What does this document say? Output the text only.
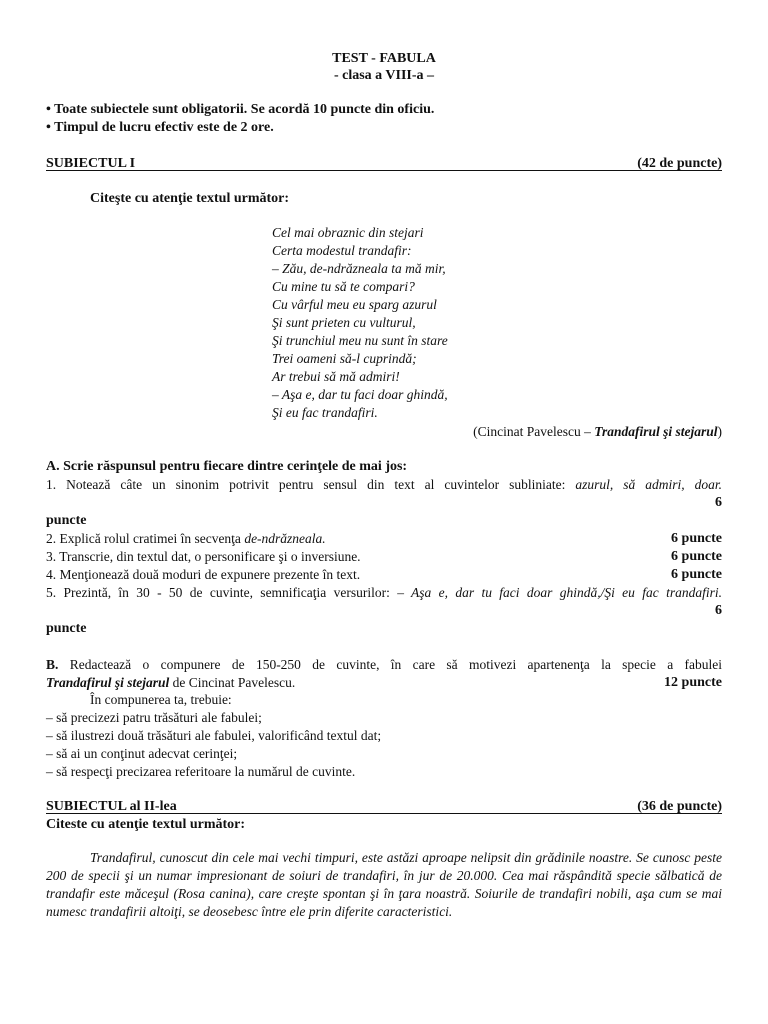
TEST - FABULA
- clasa a VIII-a –
• Toate subiectele sunt obligatorii. Se acordă 10 puncte din oficiu.
• Timpul de lucru efectiv este de 2 ore.
SUBIECTUL I	(42 de puncte)
Citeşte cu atenţie textul următor:
Cel mai obraznic din stejari
Certa modestul trandafir:
– Zău, de-ndrăzneala ta mă mir,
Cu mine tu să te compari?
Cu vârful meu eu sparg azurul
Şi sunt prieten cu vulturul,
Şi trunchiul meu nu sunt în stare
Trei oameni să-l cuprindă;
Ar trebui să mă admiri!
– Aşa e, dar tu faci doar ghindă,
Şi eu fac trandafiri.
(Cincinat Pavelescu – Trandafirul şi stejarul)
A. Scrie răspunsul pentru fiecare dintre cerinţele de mai jos:
1. Notează câte un sinonim potrivit pentru sensul din text al cuvintelor subliniate: azurul, să admiri, doar.
6
puncte
2. Explică rolul cratimei în secvenţa de-ndrăzneala.	6 puncte
3. Transcrie, din textul dat, o personificare şi o inversiune.	6 puncte
4. Menţionează două moduri de expunere prezente în text.	6 puncte
5. Prezintă, în 30 - 50 de cuvinte, semnificaţia versurilor: – Aşa e, dar tu faci doar ghindă,/Şi eu fac trandafiri.
6
puncte
B. Redactează o compunere de 150-250 de cuvinte, în care să motivezi apartenenţa la specie a fabulei
Trandafirul şi stejarul de Cincinat Pavelescu.	12 puncte
În compunerea ta, trebuie:
– să precizezi patru trăsături ale fabulei;
– să ilustrezi două trăsături ale fabulei, valorificând textul dat;
– să ai un conţinut adecvat cerinţei;
– să respecţi precizarea referitoare la numărul de cuvinte.
SUBIECTUL al II-lea	(36 de puncte)
Citeste cu atenţie textul următor:
Trandafirul, cunoscut din cele mai vechi timpuri, este astăzi aproape nelipsit din grădinile noastre. Se cunosc peste 200 de specii şi un numar impresionant de soiuri de trandafiri, în jur de 20.000. Cea mai răspândită specie sălbatică de trandafir este măceşul (Rosa canina), care creşte spontan şi în ţara noastră. Soiurile de trandafiri nobili, aşa cum se mai numesc trandafirii altoiţi, se deosebesc între ele prin diferite caracteristici.
